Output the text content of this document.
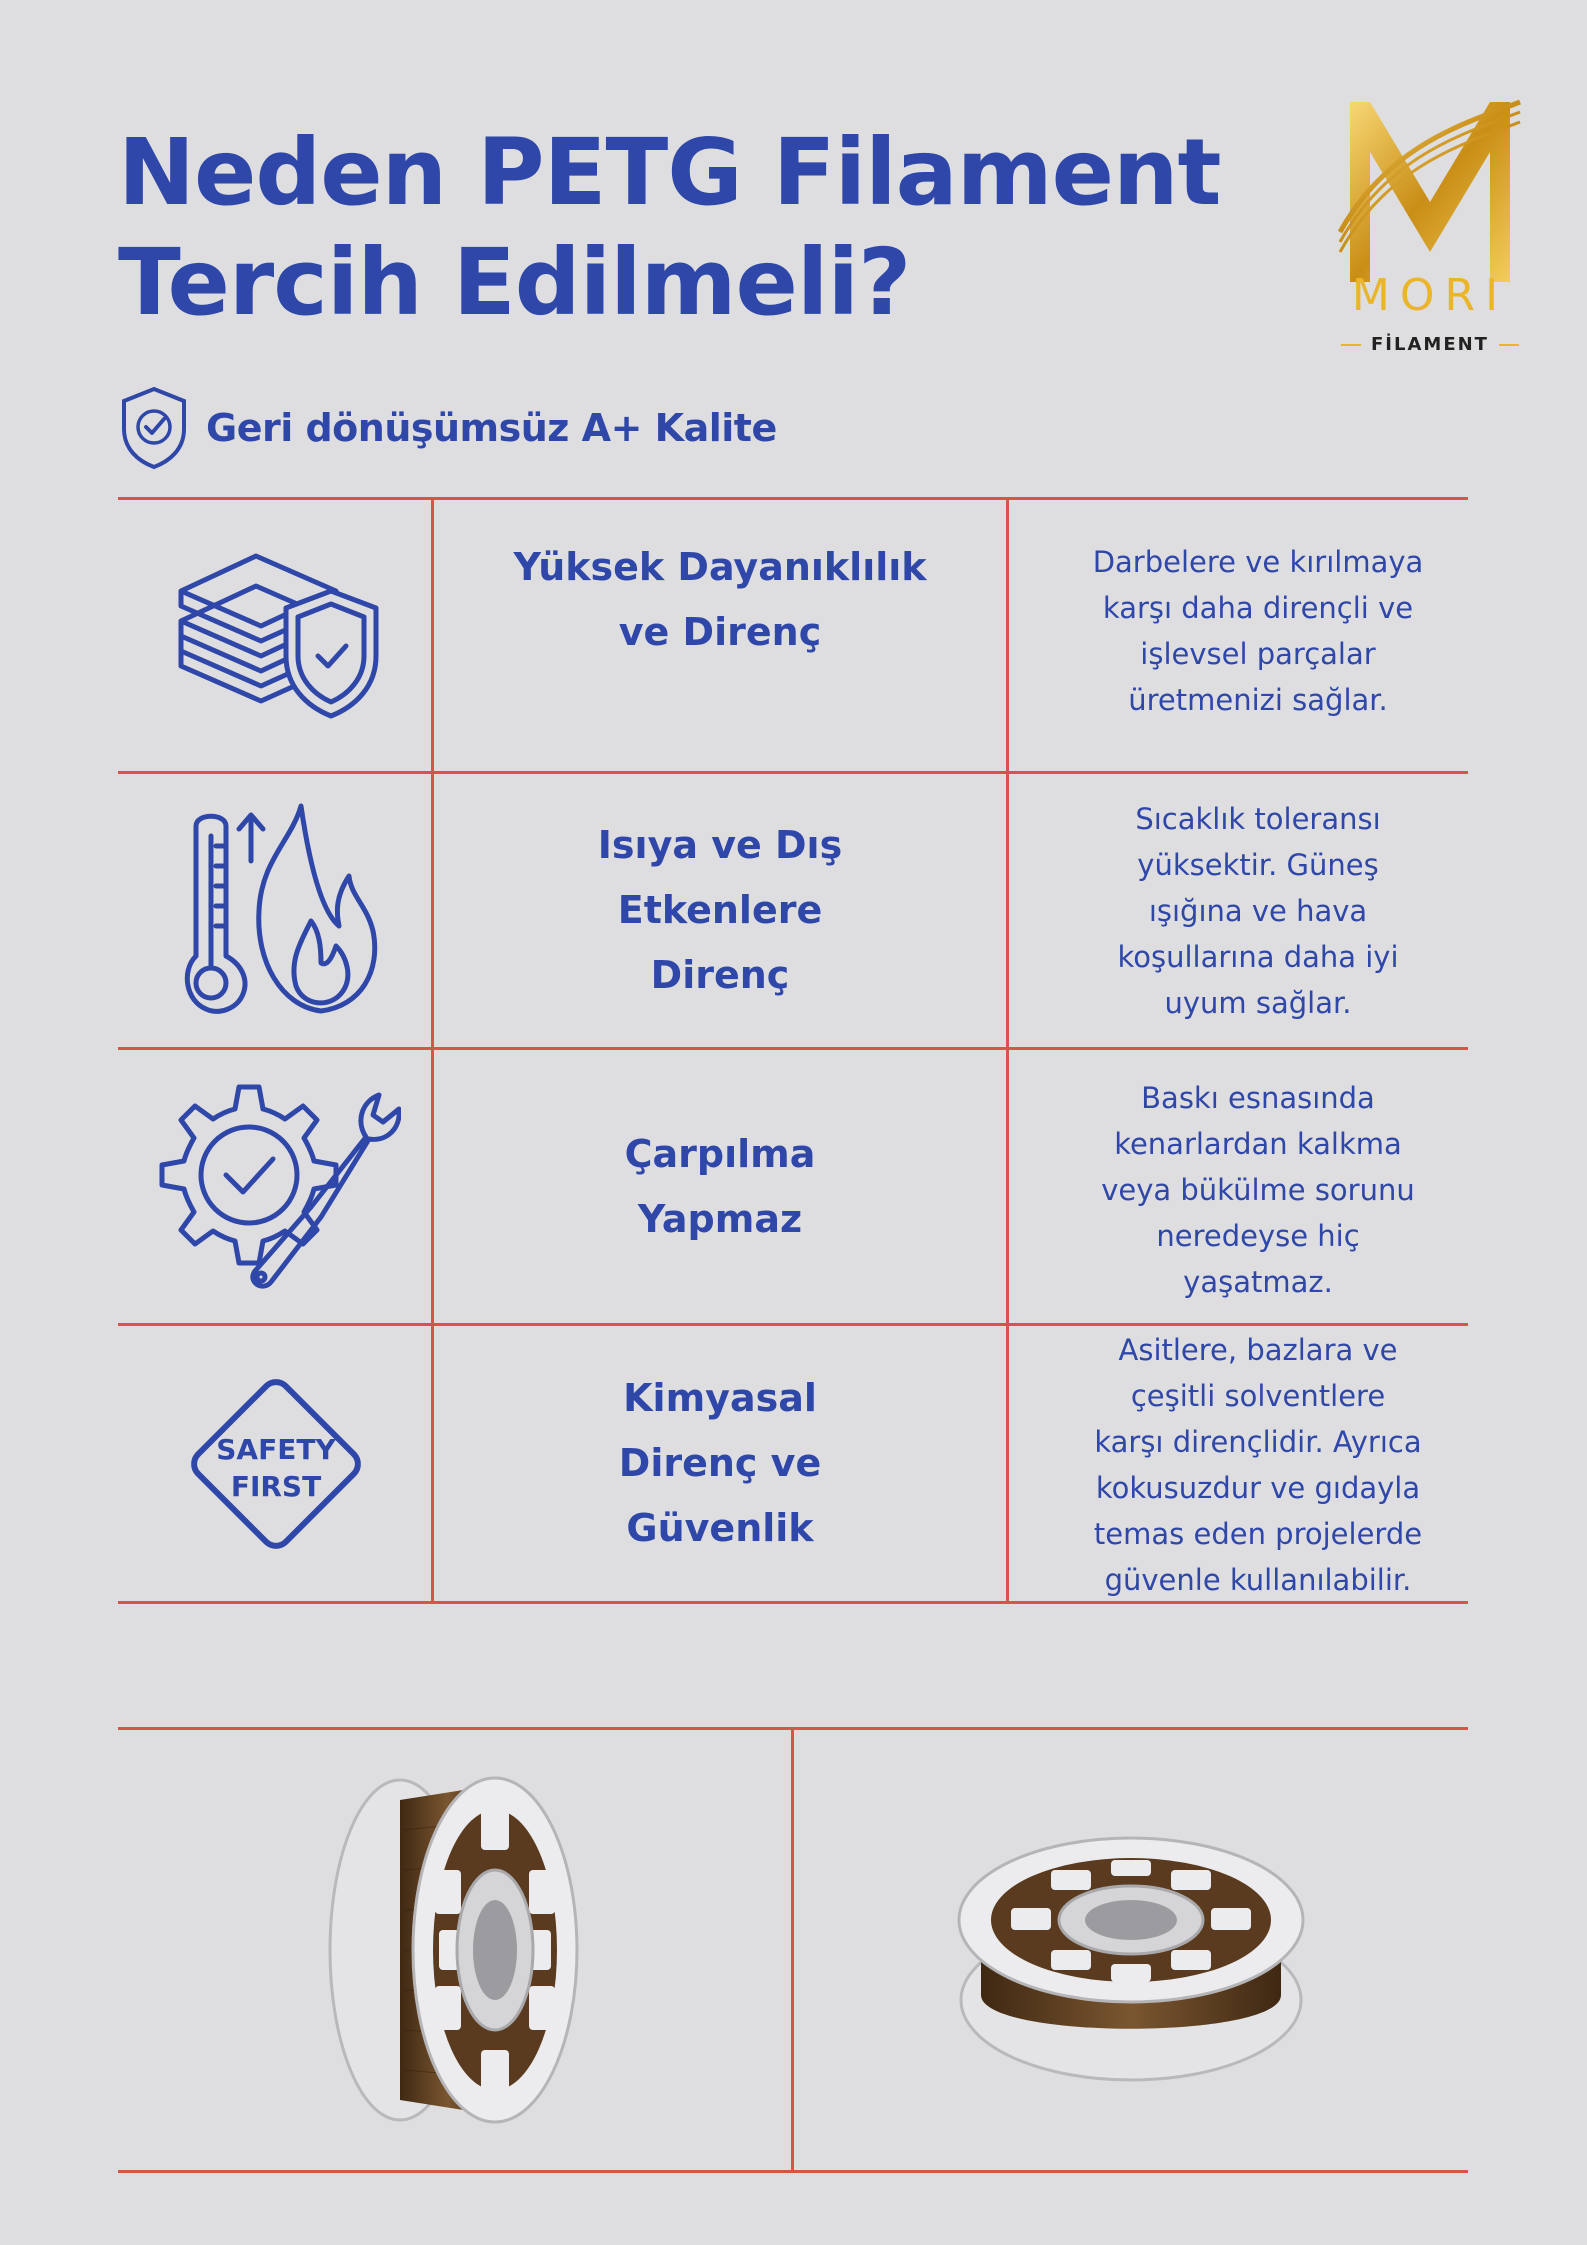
Neden PETG Filament
Tercih Edilmeli?	MORI
FİLAMENT
Geri dönüşümsüz A+ Kalite
Yüksek Dayanıklılık
ve Direnç
Darbelere ve kırılmaya
karşı daha dirençli ve
işlevsel parçalar
üretmenizi sağlar.
Isıya ve Dış
Etkenlere
Direnç
Sıcaklık toleransı
yüksektir. Güneş
ışığına ve hava
koşullarına daha iyi
uyum sağlar.
Çarpılma
Yapmaz
Baskı esnasında
kenarlardan kalkma
veya bükülme sorunu
neredeyse hiç
yaşatmaz.
SAFETY
FIRST
Kimyasal
Direnç ve
Güvenlik
Asitlere, bazlara ve
çeşitli solventlere
karşı dirençlidir. Ayrıca
kokusuzdur ve gıdayla
temas eden projelerde
güvenle kullanılabilir.
